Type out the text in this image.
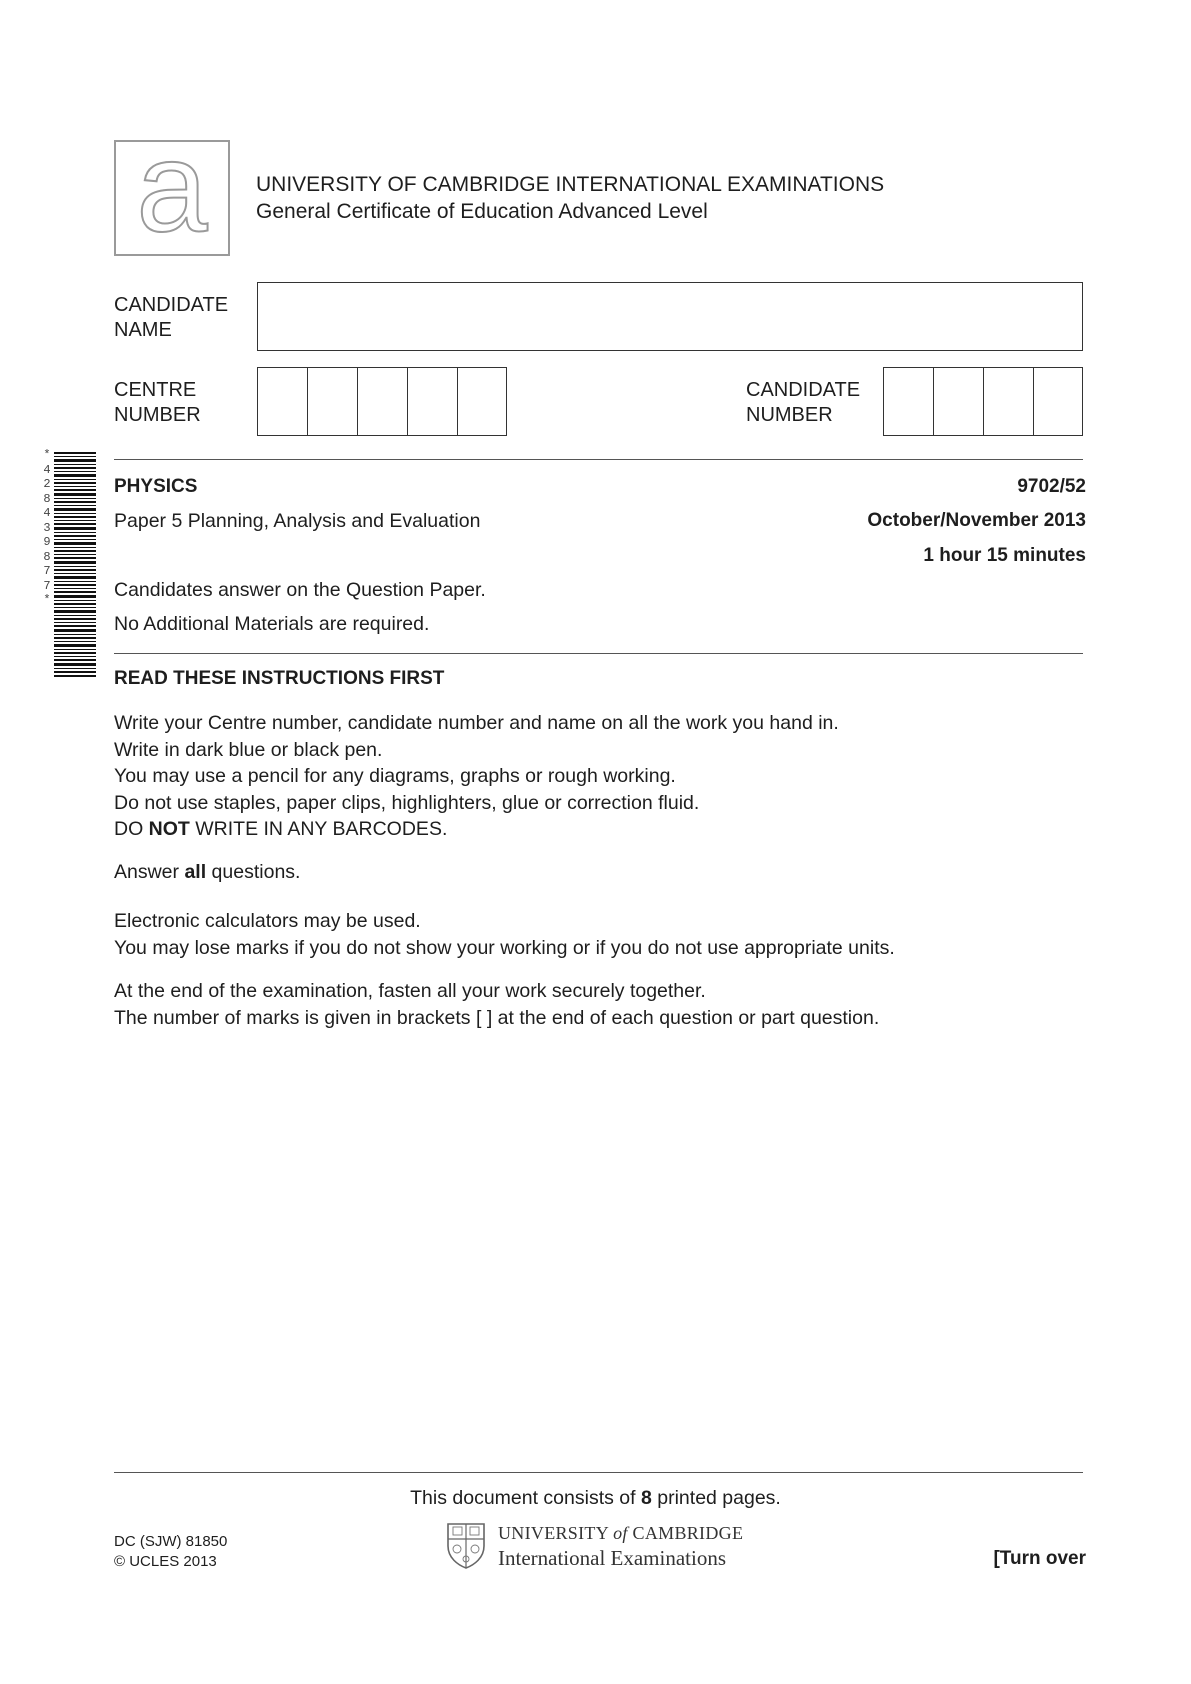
a	UNIVERSITY OF CAMBRIDGE INTERNATIONAL EXAMINATIONS
General Certificate of Education Advanced Level
CANDIDATE
NAME
CENTRE
NUMBER
CANDIDATE
NUMBER
*
4
2
8
4
3
9
8
7
7
*
PHYSICS	9702/52
Paper 5 Planning, Analysis and Evaluation	October/November 2013
1 hour 15 minutes
Candidates answer on the Question Paper.
No Additional Materials are required.
READ THESE INSTRUCTIONS FIRST
Write your Centre number, candidate number and name on all the work you hand in.
Write in dark blue or black pen.
You may use a pencil for any diagrams, graphs or rough working.
Do not use staples, paper clips, highlighters, glue or correction fluid.
DO NOT WRITE IN ANY BARCODES.
Answer all questions.
Electronic calculators may be used.
You may lose marks if you do not show your working or if you do not use appropriate units.
At the end of the examination, fasten all your work securely together.
The number of marks is given in brackets [ ] at the end of each question or part question.
This document consists of 8 printed pages.
DC (SJW) 81850
© UCLES 2013
UNIVERSITY of CAMBRIDGE
International Examinations	[Turn over
